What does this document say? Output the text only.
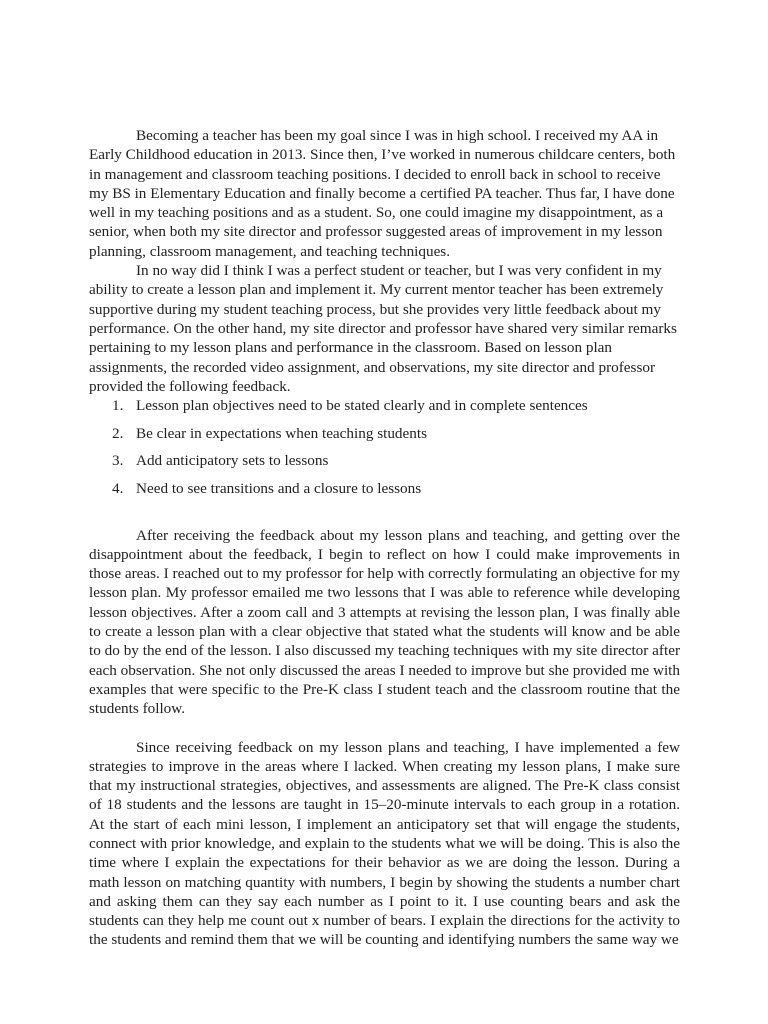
Becoming a teacher has been my goal since I was in high school. I received my AA in Early Childhood education in 2013. Since then, I’ve worked in numerous childcare centers, both in management and classroom teaching positions. I decided to enroll back in school to receive my BS in Elementary Education and finally become a certified PA teacher. Thus far, I have done well in my teaching positions and as a student. So, one could imagine my disappointment, as a senior, when both my site director and professor suggested areas of improvement in my lesson planning, classroom management, and teaching techniques.

In no way did I think I was a perfect student or teacher, but I was very confident in my ability to create a lesson plan and implement it. My current mentor teacher has been extremely supportive during my student teaching process, but she provides very little feedback about my performance. On the other hand, my site director and professor have shared very similar remarks pertaining to my lesson plans and performance in the classroom. Based on lesson plan assignments, the recorded video assignment, and observations, my site director and professor provided the following feedback.

1. Lesson plan objectives need to be stated clearly and in complete sentences
2. Be clear in expectations when teaching students
3. Add anticipatory sets to lessons
4. Need to see transitions and a closure to lessons

After receiving the feedback about my lesson plans and teaching, and getting over the disappointment about the feedback, I begin to reflect on how I could make improvements in those areas. I reached out to my professor for help with correctly formulating an objective for my lesson plan. My professor emailed me two lessons that I was able to reference while developing lesson objectives. After a zoom call and 3 attempts at revising the lesson plan, I was finally able to create a lesson plan with a clear objective that stated what the students will know and be able to do by the end of the lesson. I also discussed my teaching techniques with my site director after each observation. She not only discussed the areas I needed to improve but she provided me with examples that were specific to the Pre-K class I student teach and the classroom routine that the students follow.

Since receiving feedback on my lesson plans and teaching, I have implemented a few strategies to improve in the areas where I lacked. When creating my lesson plans, I make sure that my instructional strategies, objectives, and assessments are aligned. The Pre-K class consist of 18 students and the lessons are taught in 15–20-minute intervals to each group in a rotation. At the start of each mini lesson, I implement an anticipatory set that will engage the students, connect with prior knowledge, and explain to the students what we will be doing. This is also the time where I explain the expectations for their behavior as we are doing the lesson. During a math lesson on matching quantity with numbers, I begin by showing the students a number chart and asking them can they say each number as I point to it. I use counting bears and ask the students can they help me count out x number of bears. I explain the directions for the activity to the students and remind them that we will be counting and identifying numbers the same way we
